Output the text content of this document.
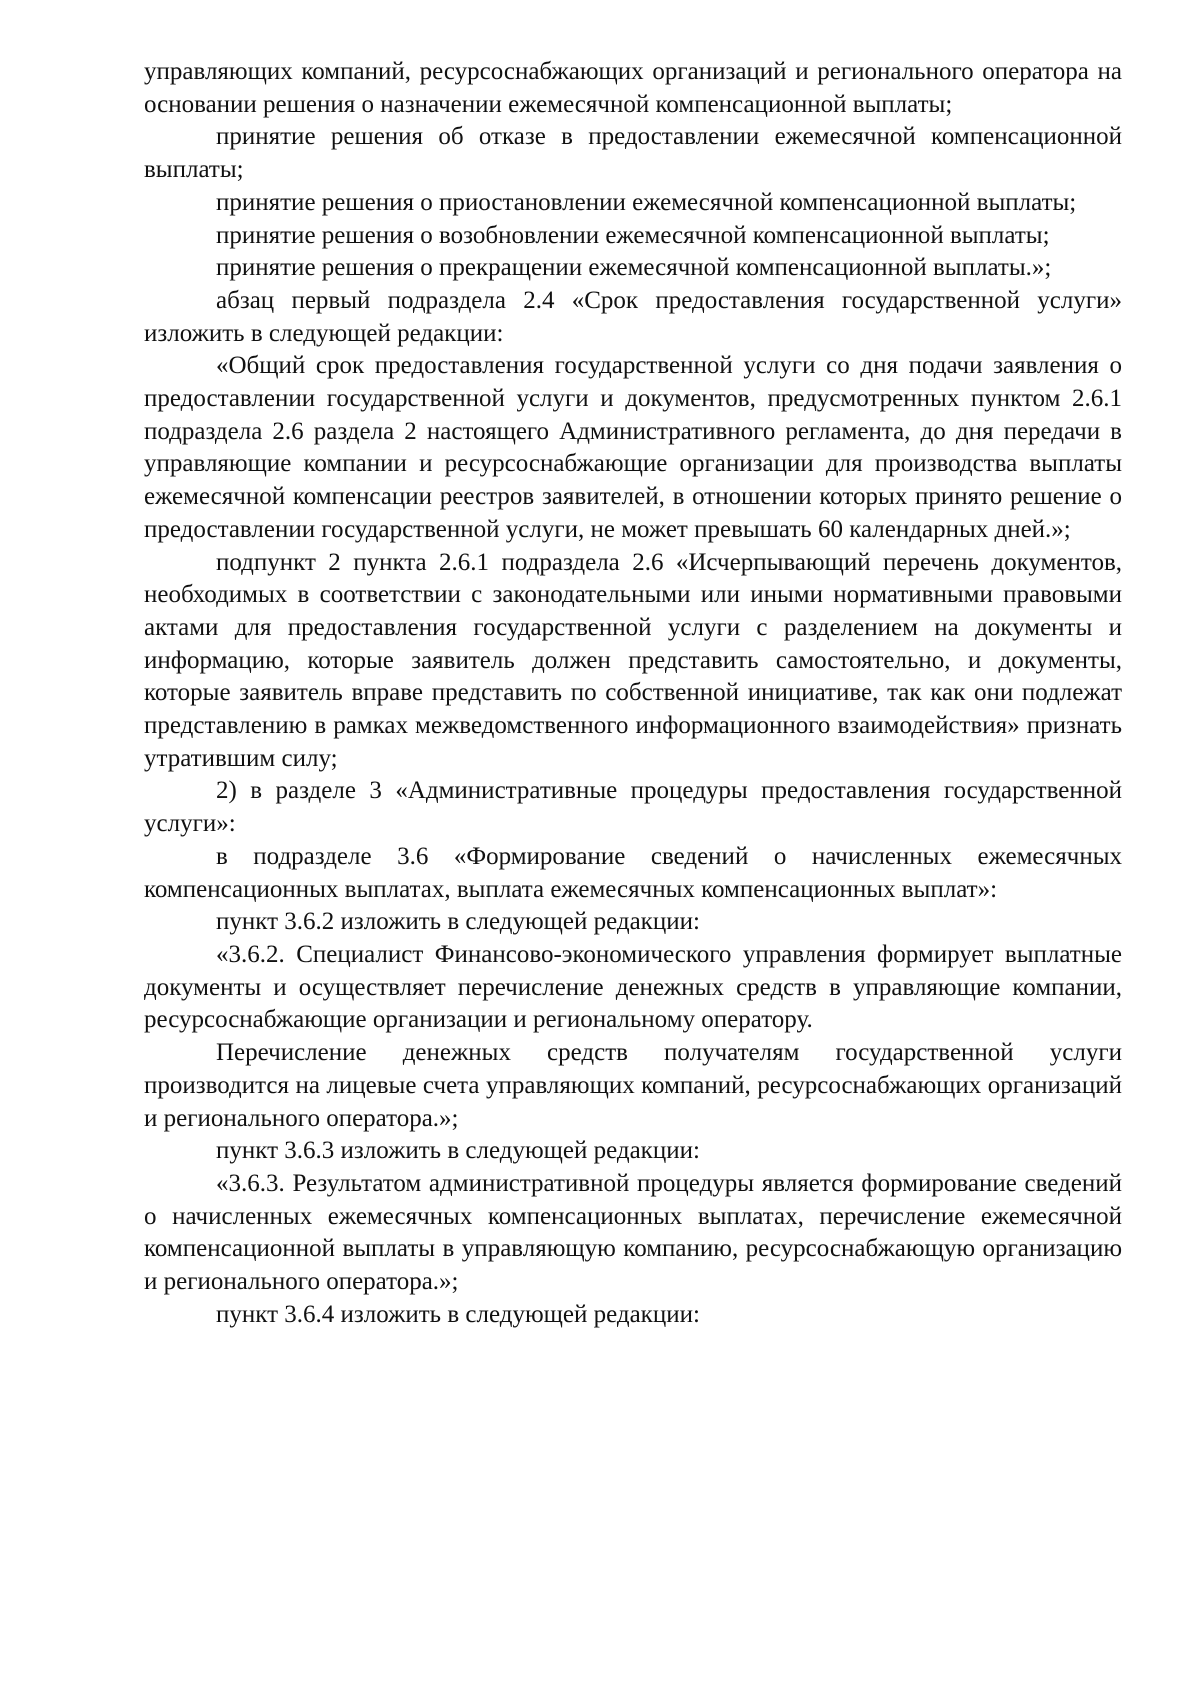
управляющих компаний, ресурсоснабжающих организаций и регионального оператора на основании решения о назначении ежемесячной компенсационной выплаты;

принятие решения об отказе в предоставлении ежемесячной компенсационной выплаты;

принятие решения о приостановлении ежемесячной компенсационной выплаты;

принятие решения о возобновлении ежемесячной компенсационной выплаты;

принятие решения о прекращении ежемесячной компенсационной выплаты.»;

абзац первый подраздела 2.4 «Срок предоставления государственной услуги» изложить в следующей редакции:

«Общий срок предоставления государственной услуги со дня подачи заявления о предоставлении государственной услуги и документов, предусмотренных пунктом 2.6.1 подраздела 2.6 раздела 2 настоящего Административного регламента, до дня передачи в управляющие компании и ресурсоснабжающие организации для производства выплаты ежемесячной компенсации реестров заявителей, в отношении которых принято решение о предоставлении государственной услуги, не может превышать 60 календарных дней.»;

подпункт 2 пункта 2.6.1 подраздела 2.6 «Исчерпывающий перечень документов, необходимых в соответствии с законодательными или иными нормативными правовыми актами для предоставления государственной услуги с разделением на документы и информацию, которые заявитель должен представить самостоятельно, и документы, которые заявитель вправе представить по собственной инициативе, так как они подлежат представлению в рамках межведомственного информационного взаимодействия» признать утратившим силу;

2) в разделе 3 «Административные процедуры предоставления государственной услуги»:

в подразделе 3.6 «Формирование сведений о начисленных ежемесячных компенсационных выплатах, выплата ежемесячных компенсационных выплат»:

пункт 3.6.2 изложить в следующей редакции:

«3.6.2. Специалист Финансово-экономического управления формирует выплатные документы и осуществляет перечисление денежных средств в управляющие компании, ресурсоснабжающие организации и региональному оператору.

Перечисление денежных средств получателям государственной услуги производится на лицевые счета управляющих компаний, ресурсоснабжающих организаций и регионального оператора.»;

пункт 3.6.3 изложить в следующей редакции:

«3.6.3. Результатом административной процедуры является формирование сведений о начисленных ежемесячных компенсационных выплатах, перечисление ежемесячной компенсационной выплаты в управляющую компанию, ресурсоснабжающую организацию и регионального оператора.»;

пункт 3.6.4 изложить в следующей редакции:
